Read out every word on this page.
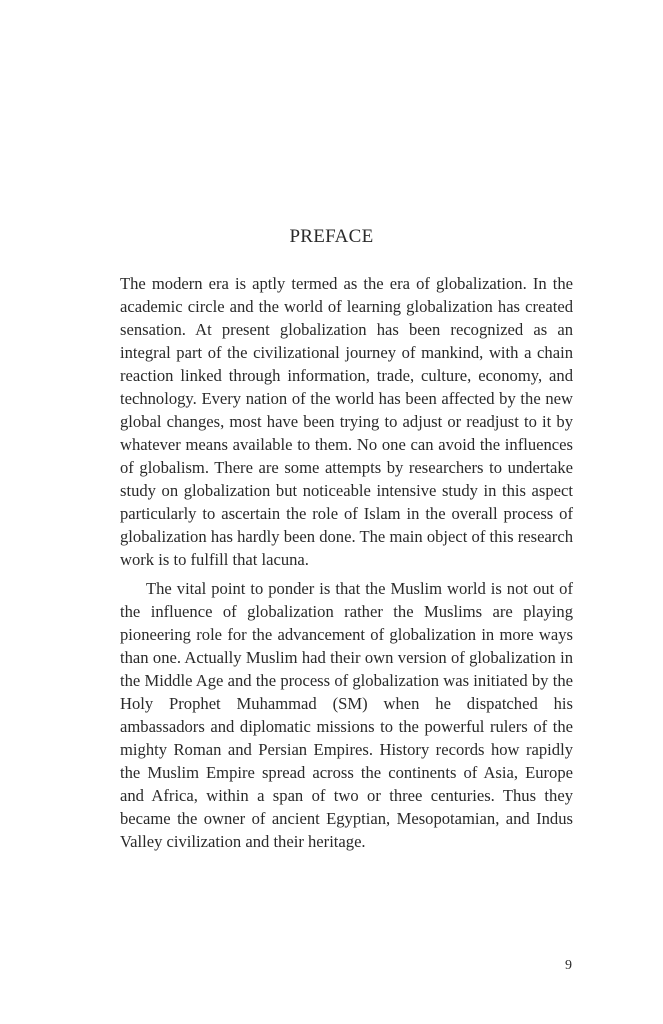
PREFACE

The modern era is aptly termed as the era of globalization. In the academic circle and the world of learning globalization has created sensation. At present globalization has been recognized as an integral part of the civilizational journey of mankind, with a chain reaction linked through information, trade, culture, economy, and technology. Every nation of the world has been affected by the new global changes, most have been trying to adjust or readjust to it by whatever means available to them. No one can avoid the influences of globalism. There are some attempts by researchers to undertake study on globalization but noticeable intensive study in this aspect particularly to ascertain the role of Islam in the overall process of globalization has hardly been done. The main object of this research work is to fulfill that lacuna.

The vital point to ponder is that the Muslim world is not out of the influence of globalization rather the Muslims are playing pioneering role for the advancement of globalization in more ways than one. Actually Muslim had their own version of globalization in the Middle Age and the process of globalization was initiated by the Holy Prophet Muhammad (SM) when he dispatched his ambassadors and diplomatic missions to the powerful rulers of the mighty Roman and Persian Empires. History records how rapidly the Muslim Empire spread across the continents of Asia, Europe and Africa, within a span of two or three centuries. Thus they became the owner of ancient Egyptian, Mesopotamian, and Indus Valley civilization and their heritage.

9
